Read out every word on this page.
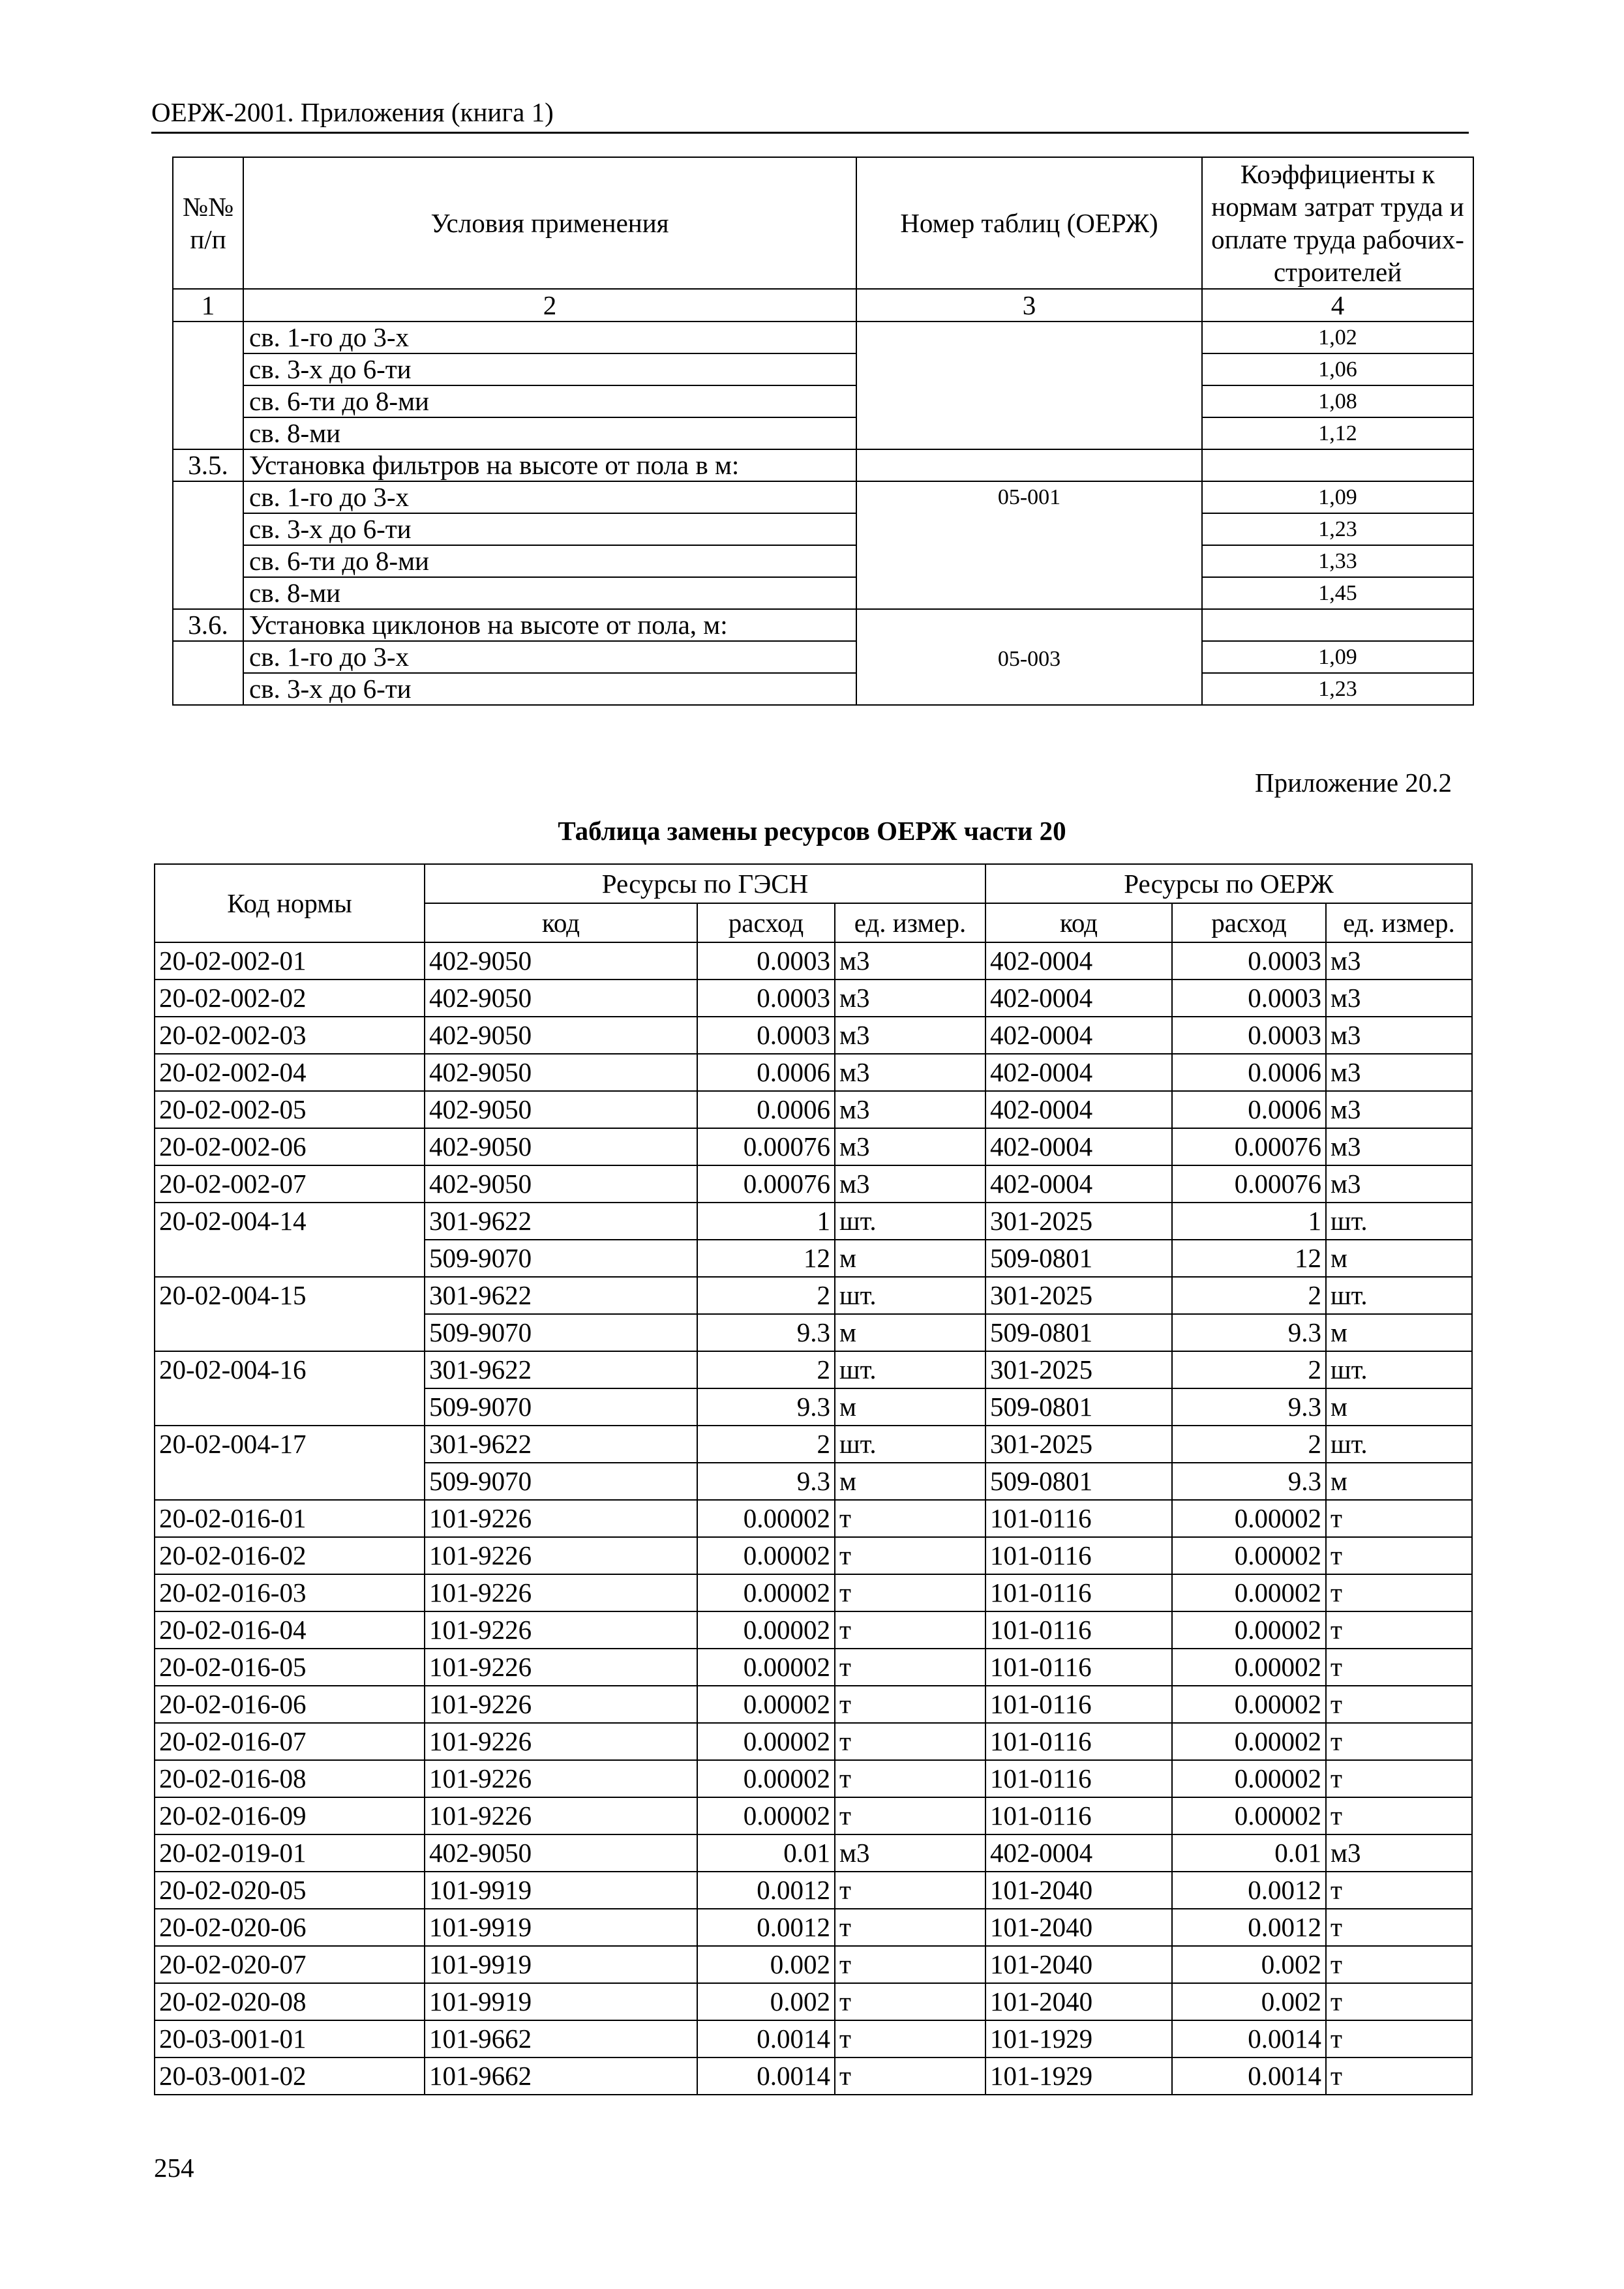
ОЕРЖ-2001. Приложения (книга 1)
№№ п/п	Условия применения	Номер таблиц (ОЕРЖ)	Коэффициенты к нормам затрат труда и оплате труда рабочих-строителей
1	2	3	4
	св. 1-го до 3-х		1,02
	св. 3-х до 6-ти		1,06
	св. 6-ти до 8-ми		1,08
	св. 8-ми		1,12
3.5.	Установка фильтров на высоте от пола в м:		
	св. 1-го до 3-х	05-001	1,09
	св. 3-х до 6-ти		1,23
	св. 6-ти до 8-ми		1,33
	св. 8-ми		1,45
3.6.	Установка циклонов на высоте от пола, м:	05-003	
	св. 1-го до 3-х		1,09
	св. 3-х до 6-ти		1,23
Приложение 20.2
Таблица замены ресурсов ОЕРЖ части 20
Код нормы	Ресурсы по ГЭСН			Ресурсы по ОЕРЖ		
	код	расход	ед. измер.	код	расход	ед. измер.
20-02-002-01	402-9050	0.0003	м3	402-0004	0.0003	м3
20-02-002-02	402-9050	0.0003	м3	402-0004	0.0003	м3
20-02-002-03	402-9050	0.0003	м3	402-0004	0.0003	м3
20-02-002-04	402-9050	0.0006	м3	402-0004	0.0006	м3
20-02-002-05	402-9050	0.0006	м3	402-0004	0.0006	м3
20-02-002-06	402-9050	0.00076	м3	402-0004	0.00076	м3
20-02-002-07	402-9050	0.00076	м3	402-0004	0.00076	м3
20-02-004-14	301-9622	1	шт.	301-2025	1	шт.
	509-9070	12	м	509-0801	12	м
20-02-004-15	301-9622	2	шт.	301-2025	2	шт.
	509-9070	9.3	м	509-0801	9.3	м
20-02-004-16	301-9622	2	шт.	301-2025	2	шт.
	509-9070	9.3	м	509-0801	9.3	м
20-02-004-17	301-9622	2	шт.	301-2025	2	шт.
	509-9070	9.3	м	509-0801	9.3	м
20-02-016-01	101-9226	0.00002	т	101-0116	0.00002	т
20-02-016-02	101-9226	0.00002	т	101-0116	0.00002	т
20-02-016-03	101-9226	0.00002	т	101-0116	0.00002	т
20-02-016-04	101-9226	0.00002	т	101-0116	0.00002	т
20-02-016-05	101-9226	0.00002	т	101-0116	0.00002	т
20-02-016-06	101-9226	0.00002	т	101-0116	0.00002	т
20-02-016-07	101-9226	0.00002	т	101-0116	0.00002	т
20-02-016-08	101-9226	0.00002	т	101-0116	0.00002	т
20-02-016-09	101-9226	0.00002	т	101-0116	0.00002	т
20-02-019-01	402-9050	0.01	м3	402-0004	0.01	м3
20-02-020-05	101-9919	0.0012	т	101-2040	0.0012	т
20-02-020-06	101-9919	0.0012	т	101-2040	0.0012	т
20-02-020-07	101-9919	0.002	т	101-2040	0.002	т
20-02-020-08	101-9919	0.002	т	101-2040	0.002	т
20-03-001-01	101-9662	0.0014	т	101-1929	0.0014	т
20-03-001-02	101-9662	0.0014	т	101-1929	0.0014	т
254
